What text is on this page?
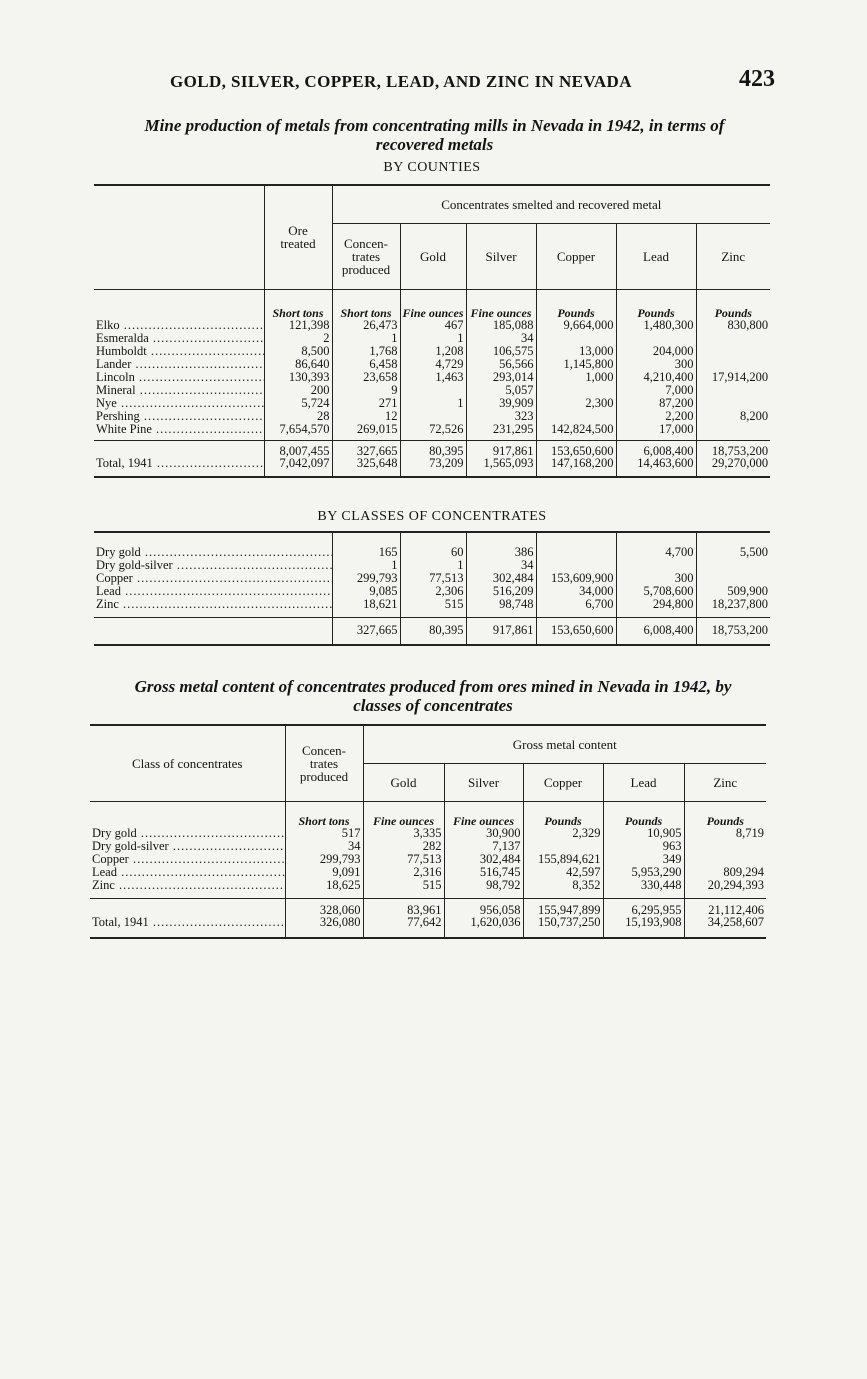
GOLD, SILVER, COPPER, LEAD, AND ZINC IN NEVADA	423
Mine production of metals from concentrating mills in Nevada in 1942, in terms of
recovered metals
BY COUNTIES
	Ore treated	Concentrates smelted and recovered metal					
		Concen-trates produced	Gold	Silver	Copper	Lead	Zinc
	Short tons	Short tons	Fine ounces	Fine ounces	Pounds	Pounds	Pounds
Elko .....	121,398	26,473	467	185,088	9,664,000	1,480,300	830,800
Esmeralda .....	2	1	1	34			
Humboldt .....	8,500	1,768	1,208	106,575	13,000	204,000	
Lander .....	86,640	6,458	4,729	56,566	1,145,800	300	
Lincoln .....	130,393	23,658	1,463	293,014	1,000	4,210,400	17,914,200
Mineral .....	200	9		5,057		7,000	
Nye .....	5,724	271	1	39,909	2,300	87,200	
Pershing .....	28	12		323		2,200	8,200
White Pine .....	7,654,570	269,015	72,526	231,295	142,824,500	17,000	
	8,007,455	327,665	80,395	917,861	153,650,600	6,008,400	18,753,200
Total, 1941 .....	7,042,097	325,648	73,209	1,565,093	147,168,200	14,463,600	29,270,000
BY CLASSES OF CONCENTRATES

Dry gold .....	165	60	386		4,700	5,500
Dry gold-silver .....	1	1	34			
Copper .....	299,793	77,513	302,484	153,609,900	300	
Lead .....	9,085	2,306	516,209	34,000	5,708,600	509,900
Zinc .....	18,621	515	98,748	6,700	294,800	18,237,800
	327,665	80,395	917,861	153,650,600	6,008,400	18,753,200
Gross metal content of concentrates produced from ores mined in Nevada in 1942, by
classes of concentrates
Class of concentrates	Concen-trates produced	Gross metal content				
		Gold	Silver	Copper	Lead	Zinc
	Short tons	Fine ounces	Fine ounces	Pounds	Pounds	Pounds
Dry gold .....	517	3,335	30,900	2,329	10,905	8,719
Dry gold-silver .....	34	282	7,137		963	
Copper .....	299,793	77,513	302,484	155,894,621	349	
Lead .....	9,091	2,316	516,745	42,597	5,953,290	809,294
Zinc .....	18,625	515	98,792	8,352	330,448	20,294,393
	328,060	83,961	956,058	155,947,899	6,295,955	21,112,406
Total, 1941 .....	326,080	77,642	1,620,036	150,737,250	15,193,908	34,258,607
